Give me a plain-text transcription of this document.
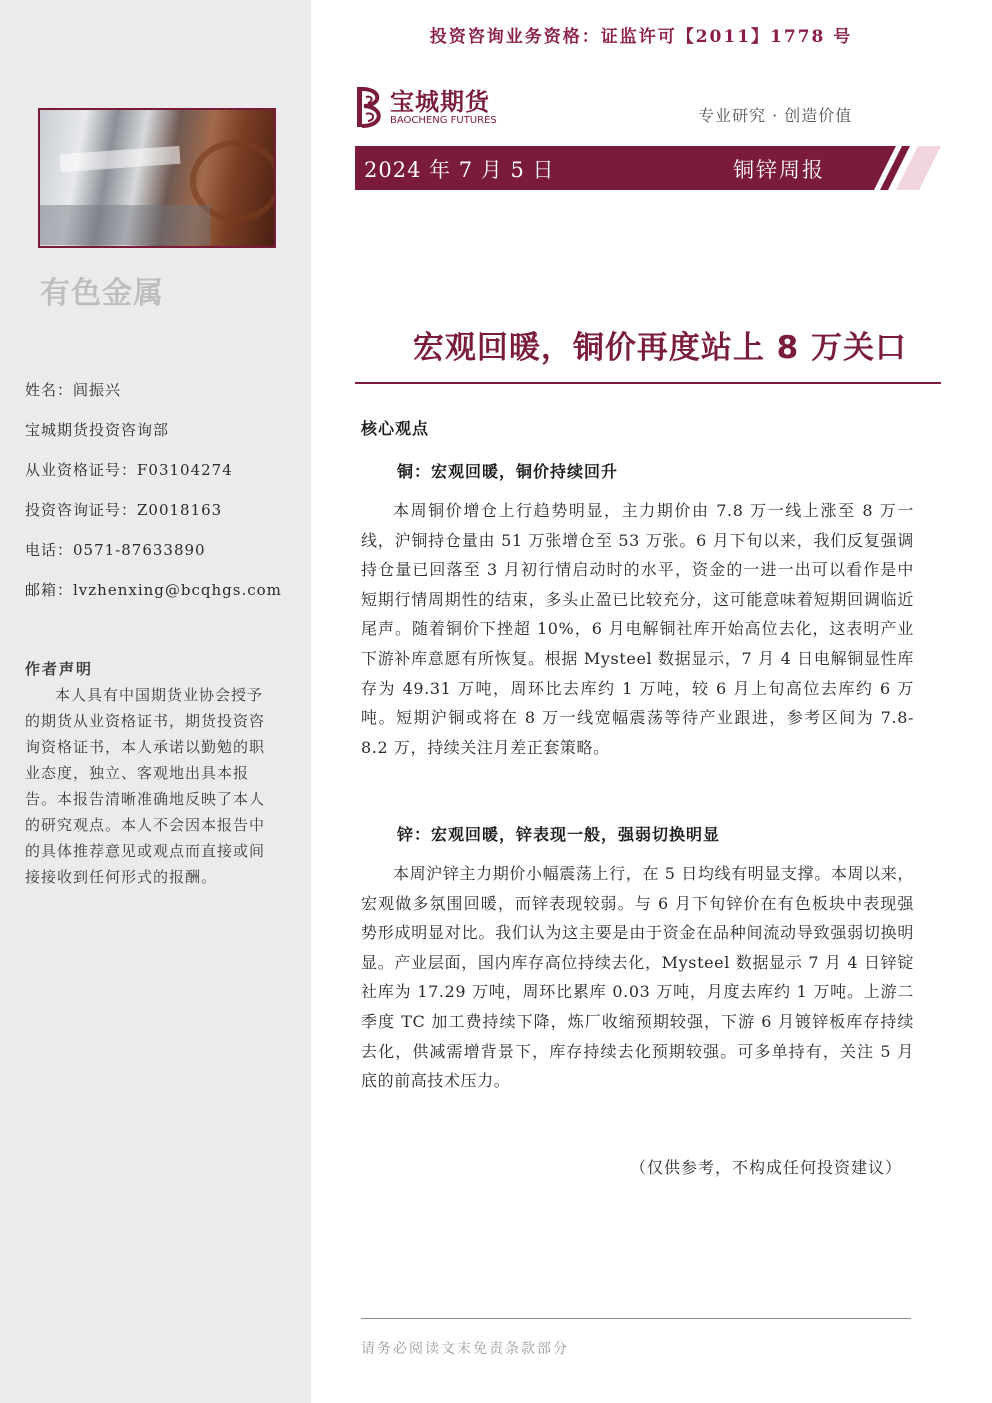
有色金属
姓名：闾振兴
宝城期货投资咨询部
从业资格证号：F03104274
投资咨询证号：Z0018163
电话：0571-87633890
邮箱：lvzhenxing@bcqhgs.com
作者声明
本人具有中国期货业协会授予的期货从业资格证书，期货投资咨询资格证书，本人承诺以勤勉的职业态度，独立、客观地出具本报告。本报告清晰准确地反映了本人的研究观点。本人不会因本报告中的具体推荐意见或观点而直接或间接接收到任何形式的报酬。
投资咨询业务资格：证监许可【2011】1778 号
宝城期货
BAOCHENG FUTURES	专业研究 · 创造价值
2024 年 7 月 5 日	铜锌周报
宏观回暖，铜价再度站上 8 万关口
核心观点
铜：宏观回暖，铜价持续回升
本周铜价增仓上行趋势明显，主力期价由 7.8 万一线上涨至 8 万一线，沪铜持仓量由 51 万张增仓至 53 万张。6 月下旬以来，我们反复强调持仓量已回落至 3 月初行情启动时的水平，资金的一进一出可以看作是中短期行情周期性的结束，多头止盈已比较充分，这可能意味着短期回调临近尾声。随着铜价下挫超 10%，6 月电解铜社库开始高位去化，这表明产业下游补库意愿有所恢复。根据 Mysteel 数据显示，7 月 4 日电解铜显性库存为 49.31 万吨，周环比去库约 1 万吨，较 6 月上旬高位去库约 6 万吨。短期沪铜或将在 8 万一线宽幅震荡等待产业跟进，参考区间为 7.8-8.2 万，持续关注月差正套策略。
锌：宏观回暖，锌表现一般，强弱切换明显
本周沪锌主力期价小幅震荡上行，在 5 日均线有明显支撑。本周以来，宏观做多氛围回暖，而锌表现较弱。与 6 月下旬锌价在有色板块中表现强势形成明显对比。我们认为这主要是由于资金在品种间流动导致强弱切换明显。产业层面，国内库存高位持续去化，Mysteel 数据显示 7 月 4 日锌锭社库为 17.29 万吨，周环比累库 0.03 万吨，月度去库约 1 万吨。上游二季度 TC 加工费持续下降，炼厂收缩预期较强，下游 6 月镀锌板库存持续去化，供减需增背景下，库存持续去化预期较强。可多单持有，关注 5 月底的前高技术压力。
（仅供参考，不构成任何投资建议）
请务必阅读文末免责条款部分
